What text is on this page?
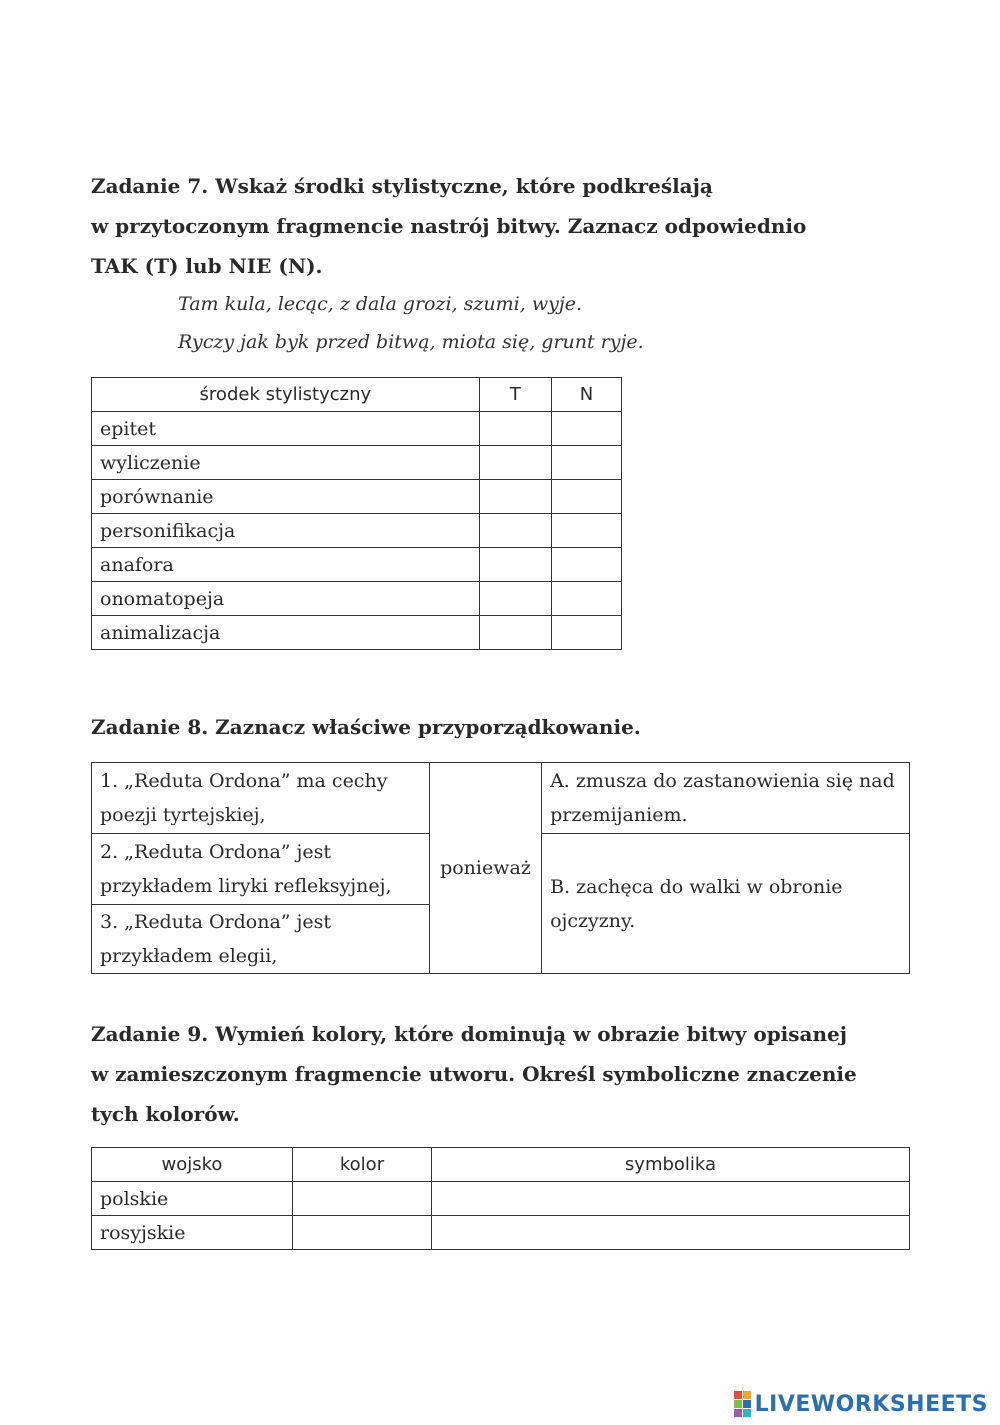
Zadanie 7. Wskaż środki stylistyczne, które podkreślają
w przytoczonym fragmencie nastrój bitwy. Zaznacz odpowiednio
TAK (T) lub NIE (N).
Tam kula, lecąc, z dala grozi, szumi, wyje.
Ryczy jak byk przed bitwą, miota się, grunt ryje.
środek stylistyczny	T	N
epitet		
wyliczenie		
porównanie		
personifikacja		
anafora		
onomatopeja		
animalizacja		
Zadanie 8. Zaznacz właściwe przyporządkowanie.
1. „Reduta Ordona” ma cechy poezji tyrtejskiej,	ponieważ	A. zmusza do zastanowienia się nad przemijaniem.
2. „Reduta Ordona” jest przykładem liryki refleksyjnej,		B. zachęca do walki w obronie ojczyzny.
3. „Reduta Ordona” jest przykładem elegii,		
Zadanie 9. Wymień kolory, które dominują w obrazie bitwy opisanej
w zamieszczonym fragmencie utworu. Określ symboliczne znaczenie
tych kolorów.
wojsko	kolor	symbolika
polskie		
rosyjskie		
LIVEWORKSHEETS
